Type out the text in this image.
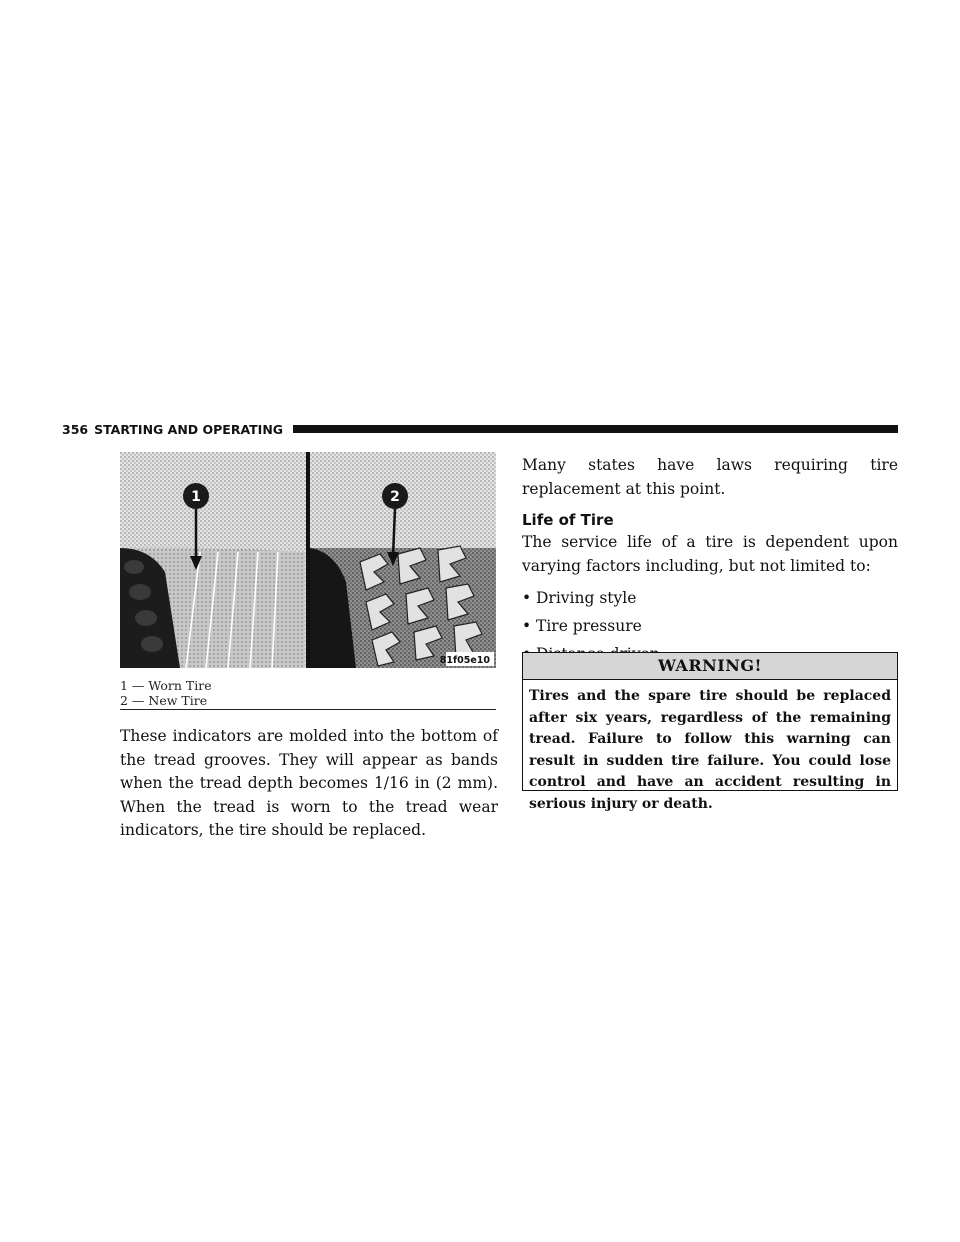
356 STARTING AND OPERATING
1	2
81f05e10
1 — Worn Tire
2 — New Tire
These indicators are molded into the bottom of the tread grooves. They will appear as bands when the tread depth becomes 1/16 in (2 mm). When the tread is worn to the tread wear indicators, the tire should be replaced.

Many states have laws requiring tire replacement at this point.

Life of Tire

The service life of a tire is dependent upon varying factors including, but not limited to:

• Driving style
• Tire pressure
WARNING!
Tires and the spare tire should be replaced after six years, regardless of the remaining tread. Failure to follow this warning can result in sudden tire failure. You could lose control and have an accident resulting in serious injury or death.
